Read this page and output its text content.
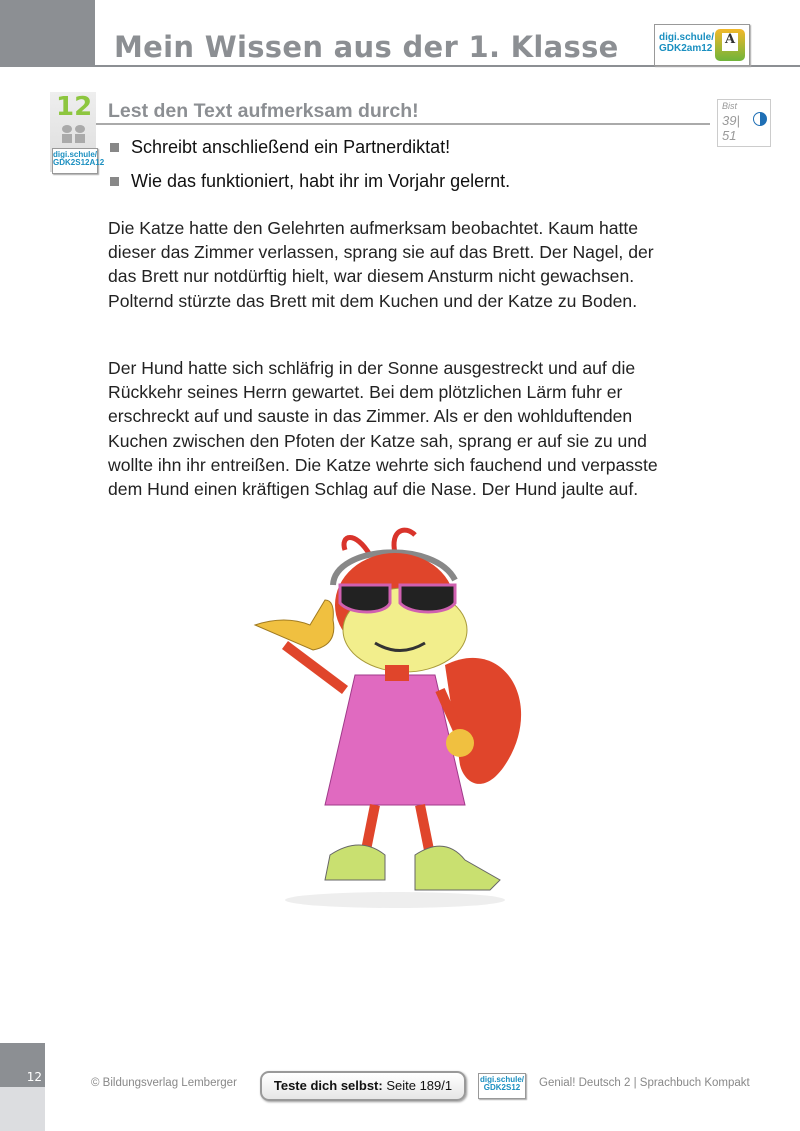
Mein Wissen aus der 1. Klasse	digi.schule/
GDK2am12
A
12
digi.schule/
GDK2S12A12
Lest den Text aufmerksam durch!	Bist
39|
51
Schreibt anschließend ein Partnerdiktat!
Wie das funktioniert, habt ihr im Vorjahr gelernt.
Die Katze hatte den Gelehrten aufmerksam beobachtet. Kaum hatte
dieser das Zimmer verlassen, sprang sie auf das Brett. Der Nagel, der
das Brett nur notdürftig hielt, war diesem Ansturm nicht gewachsen.
Polternd stürzte das Brett mit dem Kuchen und der Katze zu Boden.
Der Hund hatte sich schläfrig in der Sonne ausgestreckt und auf die
Rückkehr seines Herrn gewartet. Bei dem plötzlichen Lärm fuhr er
erschreckt auf und sauste in das Zimmer. Als er den wohlduftenden
Kuchen zwischen den Pfoten der Katze sah, sprang er auf sie zu und
wollte ihn ihr entreißen. Die Katze wehrte sich fauchend und verpasste
dem Hund einen kräftigen Schlag auf die Nase. Der Hund jaulte auf.
12	© Bildungsverlag Lemberger	Teste dich selbst: Seite 189/1	digi.schule/
GDK2S12	Genial! Deutsch 2 | Sprachbuch Kompakt
